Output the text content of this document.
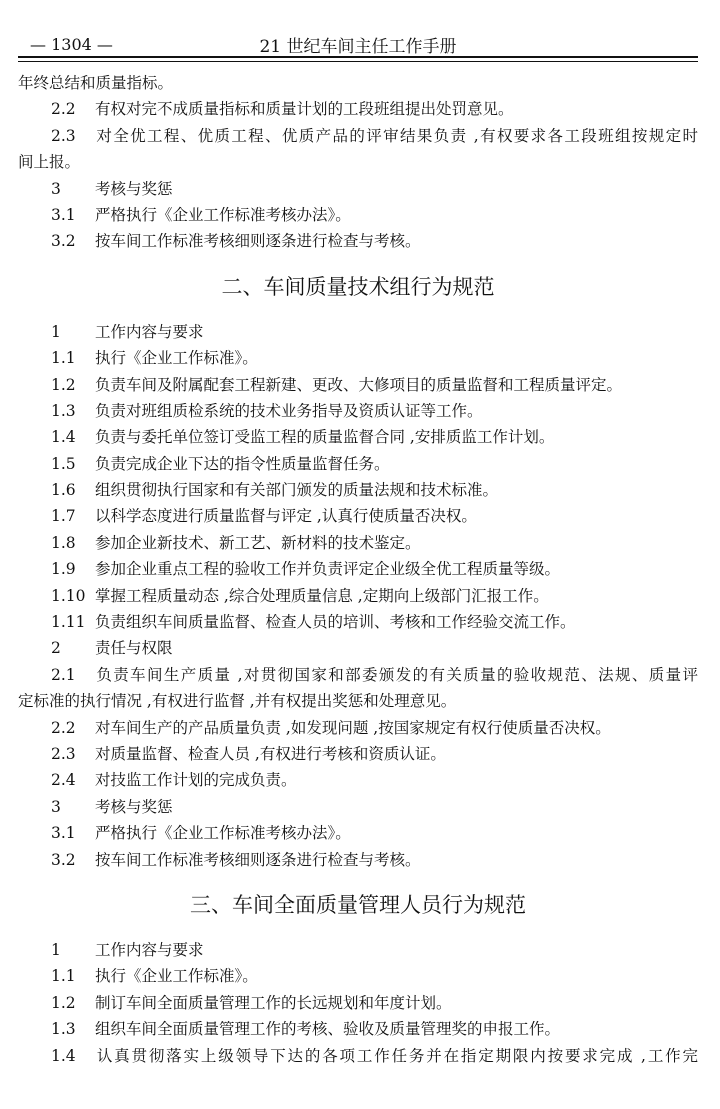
— 1304 —	21 世纪车间主任工作手册
年终总结和质量指标。
2.2 有权对完不成质量指标和质量计划的工段班组提出处罚意见。
2.3 对全优工程、优质工程、优质产品的评审结果负责 ,有权要求各工段班组按规定时
间上报。
3 考核与奖惩
3.1 严格执行《企业工作标准考核办法》。
3.2 按车间工作标准考核细则逐条进行检查与考核。
二、车间质量技术组行为规范
1 工作内容与要求
1.1 执行《企业工作标准》。
1.2 负责车间及附属配套工程新建、更改、大修项目的质量监督和工程质量评定。
1.3 负责对班组质检系统的技术业务指导及资质认证等工作。
1.4 负责与委托单位签订受监工程的质量监督合同 ,安排质监工作计划。
1.5 负责完成企业下达的指令性质量监督任务。
1.6 组织贯彻执行国家和有关部门颁发的质量法规和技术标准。
1.7 以科学态度进行质量监督与评定 ,认真行使质量否决权。
1.8 参加企业新技术、新工艺、新材料的技术鉴定。
1.9 参加企业重点工程的验收工作并负责评定企业级全优工程质量等级。
1.10 掌握工程质量动态 ,综合处理质量信息 ,定期向上级部门汇报工作。
1.11 负责组织车间质量监督、检查人员的培训、考核和工作经验交流工作。
2 责任与权限
2.1 负责车间生产质量 ,对贯彻国家和部委颁发的有关质量的验收规范、法规、质量评
定标准的执行情况 ,有权进行监督 ,并有权提出奖惩和处理意见。
2.2 对车间生产的产品质量负责 ,如发现问题 ,按国家规定有权行使质量否决权。
2.3 对质量监督、检查人员 ,有权进行考核和资质认证。
2.4 对技监工作计划的完成负责。
3 考核与奖惩
3.1 严格执行《企业工作标准考核办法》。
3.2 按车间工作标准考核细则逐条进行检查与考核。
三、车间全面质量管理人员行为规范
1 工作内容与要求
1.1 执行《企业工作标准》。
1.2 制订车间全面质量管理工作的长远规划和年度计划。
1.3 组织车间全面质量管理工作的考核、验收及质量管理奖的申报工作。
1.4 认真贯彻落实上级领导下达的各项工作任务并在指定期限内按要求完成 ,工作完
